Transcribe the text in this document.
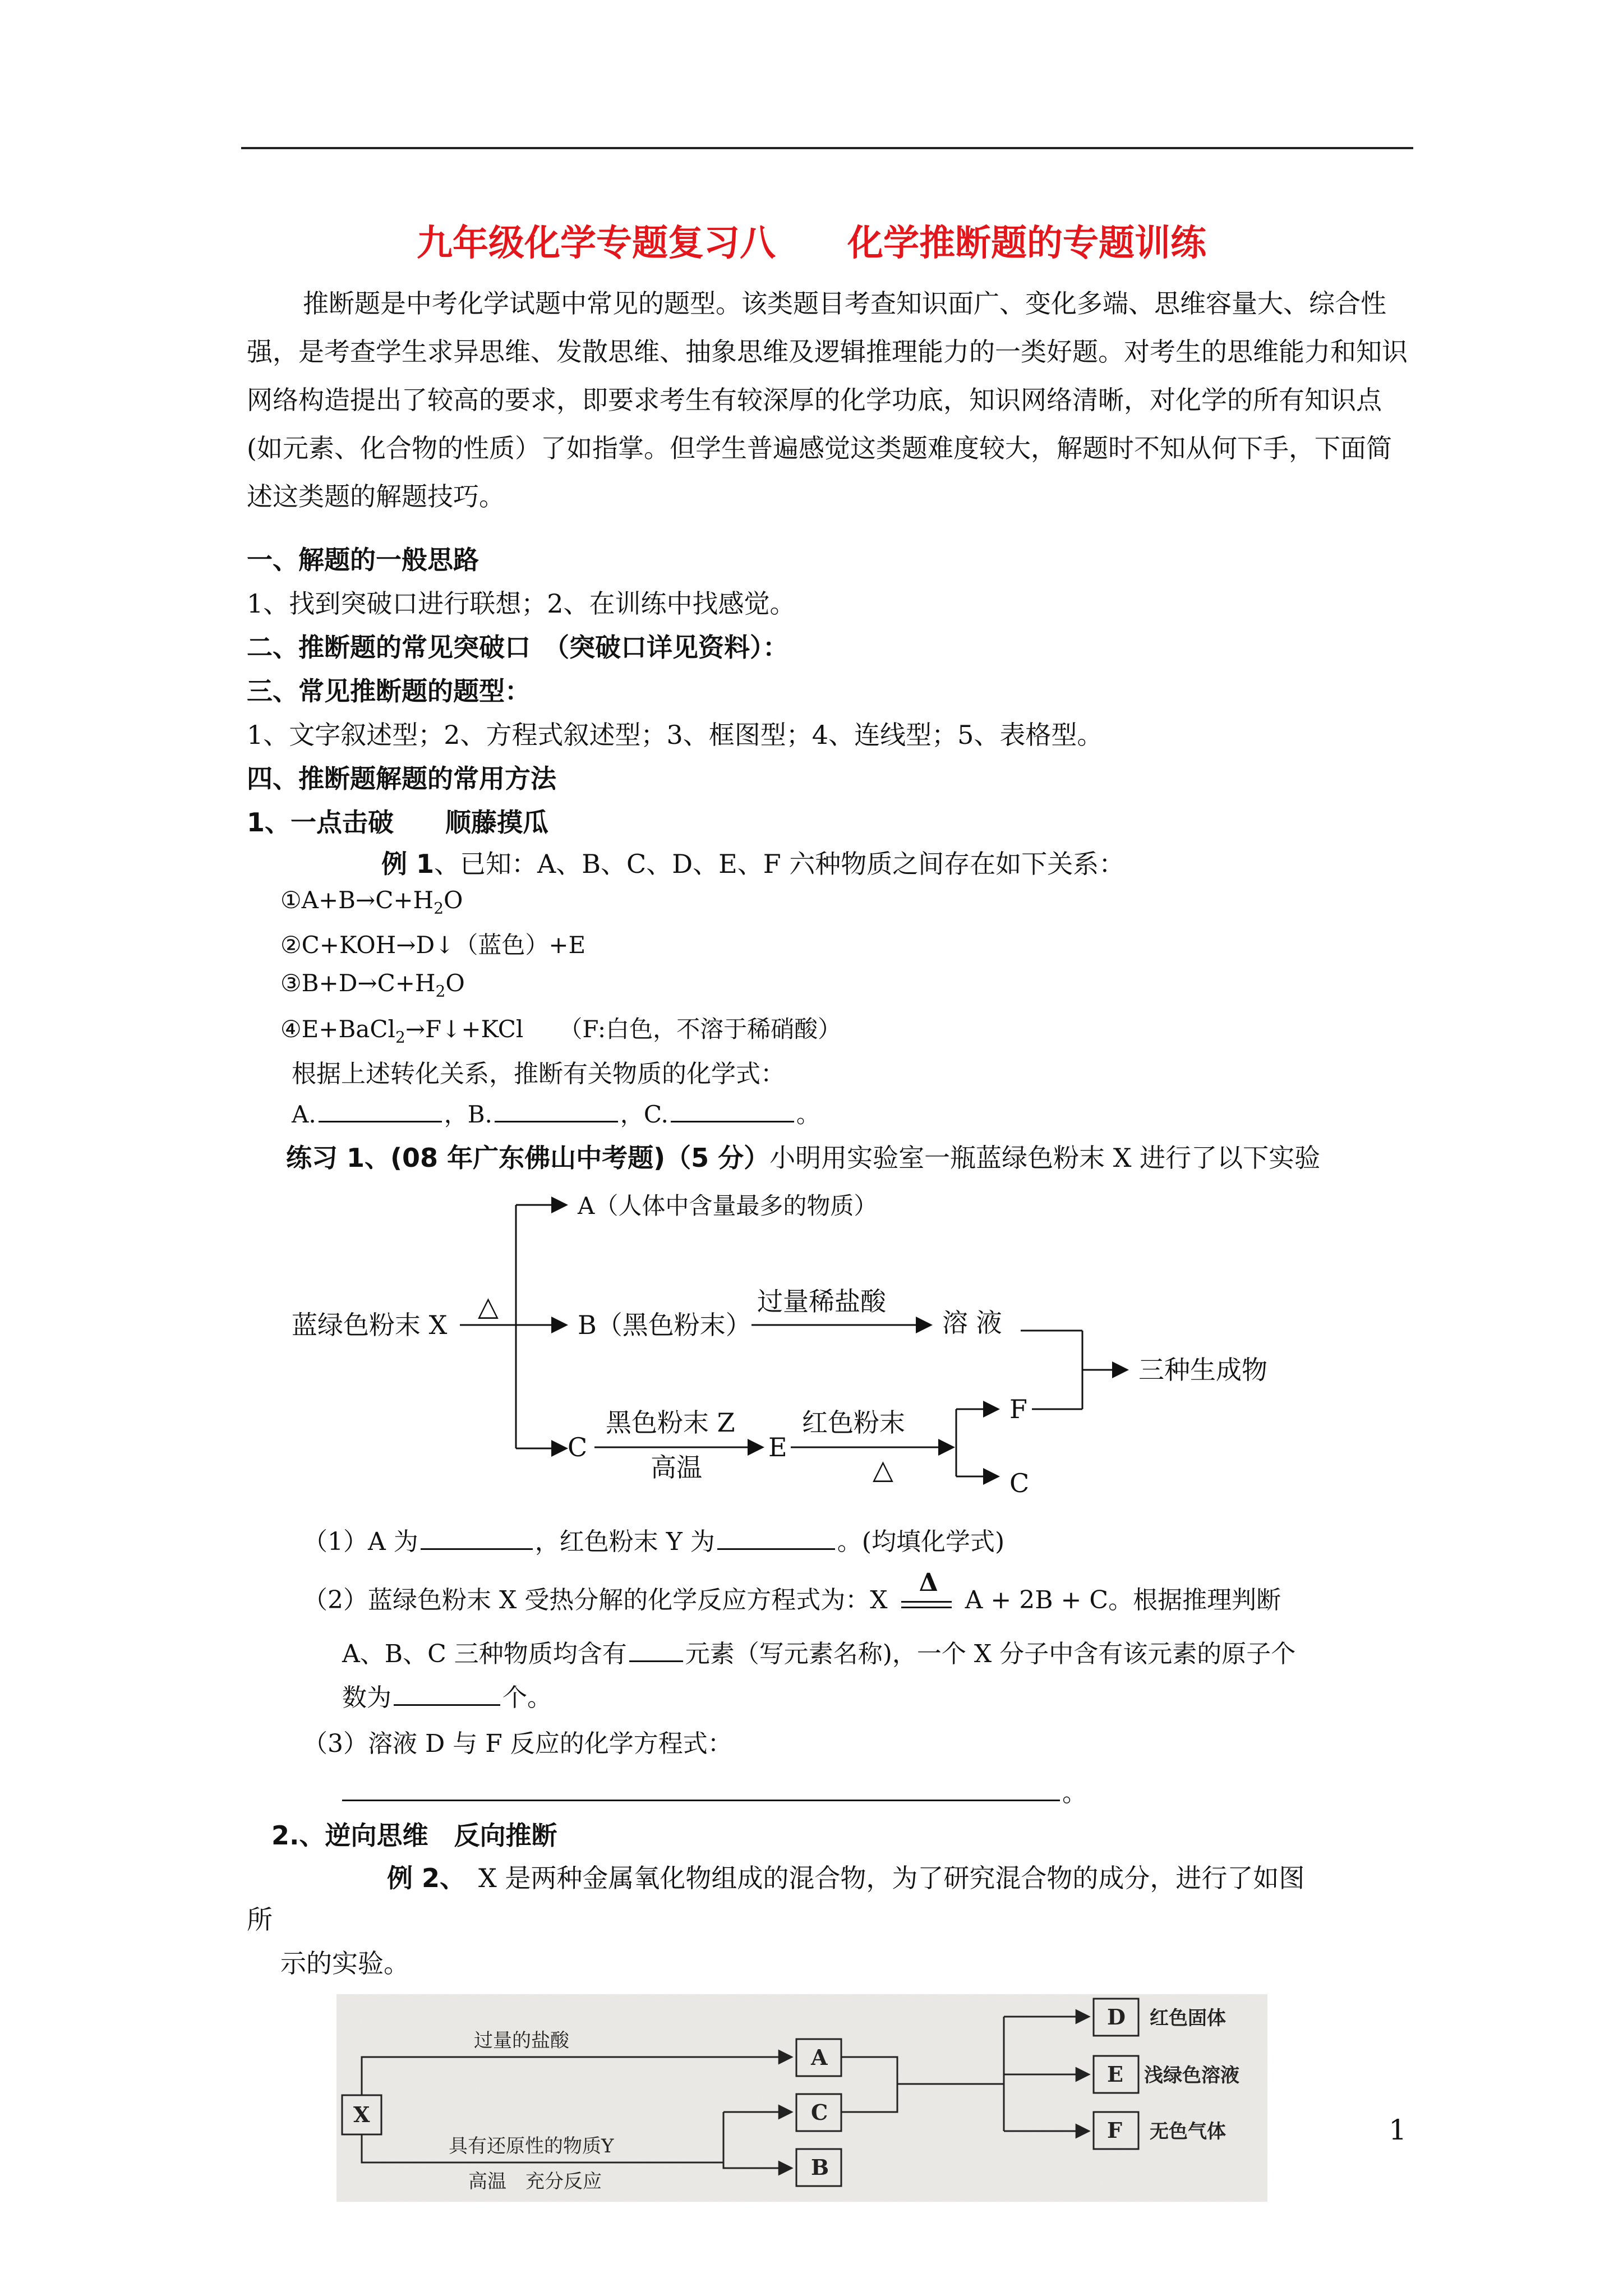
九年级化学专题复习八　　化学推断题的专题训练
推断题是中考化学试题中常见的题型。该类题目考查知识面广、变化多端、思维容量大、综合性强，是考查学生求异思维、发散思维、抽象思维及逻辑推理能力的一类好题。对考生的思维能力和知识网络构造提出了较高的要求，即要求考生有较深厚的化学功底，知识网络清晰，对化学的所有知识点(如元素、化合物的性质）了如指掌。但学生普遍感觉这类题难度较大，解题时不知从何下手，下面简述这类题的解题技巧。
一、解题的一般思路
1、找到突破口进行联想；2、在训练中找感觉。
二、推断题的常见突破口　（突破口详见资料）：
三、常见推断题的题型：
1、文字叙述型；2、方程式叙述型；3、框图型；4、连线型；5、表格型。
四、推断题解题的常用方法
1、一点击破　　顺藤摸瓜
例 1、已知：A、B、C、D、E、F 六种物质之间存在如下关系：
$①A+B\to C+H_2O$
②C+KOH→D↓（蓝色）+E
$③B+D\to C+H_2O$
④E+BaCl$_2$→F↓+KCl　　（F:白色，不溶于稀硝酸）
根据上述转化关系，推断有关物质的化学式：
A.	，B.	，C.	。
练习 1、(08 年广东佛山中考题)（5 分）小明用实验室一瓶蓝绿色粉末 X 进行了以下实验
蓝绿色粉末 X
△
A（人体中含量最多的物质）
B（黑色粉末）
过量稀盐酸
溶 液
三种生成物
C
黑色粉末 Z
高温
E
红色粉末
△
F
C
（1）A 为	，红色粉末 Y 为	。(均填化学式)
（2）蓝绿色粉末 X 受热分解的化学反应方程式为：X
Δ
A + 2B + C。根据推理判断
A、B、C 三种物质均含有 元素（写元素名称)，一个 X 分子中含有该元素的原子个
数为	个。
（3）溶液 D 与 F 反应的化学方程式：
。
2.、逆向思维　反向推断
例 2、　X 是两种金属氧化物组成的混合物，为了研究混合物的成分，进行了如图
所
示的实验。
X
过量的盐酸
具有还原性的物质Y
高温　充分反应
A
C
B
D
E
F
红色固体
浅绿色溶液
无色气体	1
